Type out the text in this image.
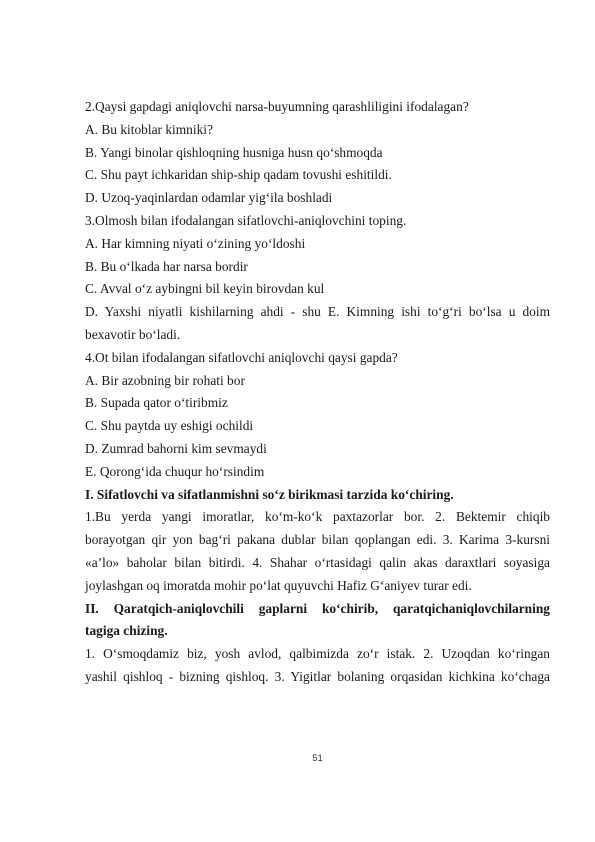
2.Qaysi gapdagi aniqlovchi narsa-buyumning qarashliligini ifodalagan?
A. Bu kitoblar kimniki?
B. Yangi binolar qishloqning husniga husn qo‘shmoqda
C. Shu payt ichkaridan ship-ship qadam tovushi eshitildi.
D. Uzoq-yaqinlardan odamlar yig‘ila boshladi
3.Olmosh bilan ifodalangan sifatlovchi-aniqlovchini toping.
A. Har kimning niyati o‘zining yo‘ldoshi
B. Bu o‘lkada har narsa bordir
C. Avval o‘z aybingni bil keyin birovdan kul
D. Yaxshi niyatli kishilarning ahdi - shu E. Kimning ishi to‘g‘ri bo‘lsa u doim
bexavotir bo‘ladi.
4.Ot bilan ifodalangan sifatlovchi aniqlovchi qaysi gapda?
A. Bir azobning bir rohati bor
B. Supada qator o‘tiribmiz
C. Shu paytda uy eshigi ochildi
D. Zumrad bahorni kim sevmaydi
E. Qorong‘ida chuqur ho‘rsindim
I. Sifatlovchi va sifatlanmishni so‘z birikmasi tarzida ko‘chiring.
1.Bu yerda yangi imoratlar, ko‘m-ko‘k paxtazorlar bor. 2. Bektemir chiqib
borayotgan qir yon bag‘ri pakana dublar bilan qoplangan edi. 3. Karima 3-kursni
«a’lo» baholar bilan bitirdi. 4. Shahar o‘rtasidagi qalin akas daraxtlari soyasiga
joylashgan oq imoratda mohir po‘lat quyuvchi Hafiz G‘aniyev turar edi.
II. Qaratqich-aniqlovchili gaplarni ko‘chirib, qaratqichaniqlovchilarning
tagiga chizing.
1. O‘smoqdamiz biz, yosh avlod, qalbimizda zo‘r istak. 2. Uzoqdan ko‘ringan
yashil qishloq - bizning qishloq. 3. Yigitlar bolaning orqasidan kichkina ko‘chaga
51
